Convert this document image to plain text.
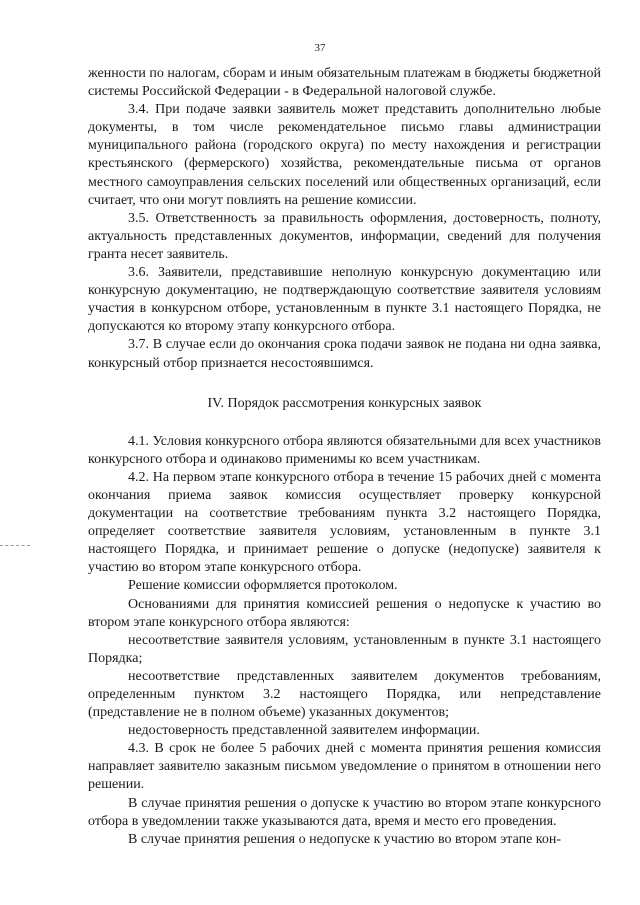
37

женности по налогам, сборам и иным обязательным платежам в бюджеты бюджетной системы Российской Федерации - в Федеральной налоговой службе.

3.4. При подаче заявки заявитель может представить дополнительно любые документы, в том числе рекомендательное письмо главы администрации муниципального района (городского округа) по месту нахождения и регистрации крестьянского (фермерского) хозяйства, рекомендательные письма от органов местного самоуправления сельских поселений или общественных организаций, если считает, что они могут повлиять на решение комиссии.

3.5. Ответственность за правильность оформления, достоверность, полноту, актуальность представленных документов, информации, сведений для получения гранта несет заявитель.

3.6. Заявители, представившие неполную конкурсную документацию или конкурсную документацию, не подтверждающую соответствие заявителя условиям участия в конкурсном отборе, установленным в пункте 3.1 настоящего Порядка, не допускаются ко второму этапу конкурсного отбора.

3.7. В случае если до окончания срока подачи заявок не подана ни одна заявка, конкурсный отбор признается несостоявшимся.

IV. Порядок рассмотрения конкурсных заявок

4.1. Условия конкурсного отбора являются обязательными для всех участников конкурсного отбора и одинаково применимы ко всем участникам.

4.2. На первом этапе конкурсного отбора в течение 15 рабочих дней с момента окончания приема заявок комиссия осуществляет проверку конкурсной документации на соответствие требованиям пункта 3.2 настоящего Порядка, определяет соответствие заявителя условиям, установленным в пункте 3.1 настоящего Порядка, и принимает решение о допуске (недопуске) заявителя к участию во втором этапе конкурсного отбора.

Решение комиссии оформляется протоколом.

Основаниями для принятия комиссией решения о недопуске к участию во втором этапе конкурсного отбора являются:

несоответствие заявителя условиям, установленным в пункте 3.1 настоящего Порядка;

несоответствие представленных заявителем документов требованиям, определенным пунктом 3.2 настоящего Порядка, или непредставление (представление не в полном объеме) указанных документов;

недостоверность представленной заявителем информации.

4.3. В срок не более 5 рабочих дней с момента принятия решения комиссия направляет заявителю заказным письмом уведомление о принятом в отношении него решении.

В случае принятия решения о допуске к участию во втором этапе конкурсного отбора в уведомлении также указываются дата, время и место его проведения.

В случае принятия решения о недопуске к участию во втором этапе кон-
